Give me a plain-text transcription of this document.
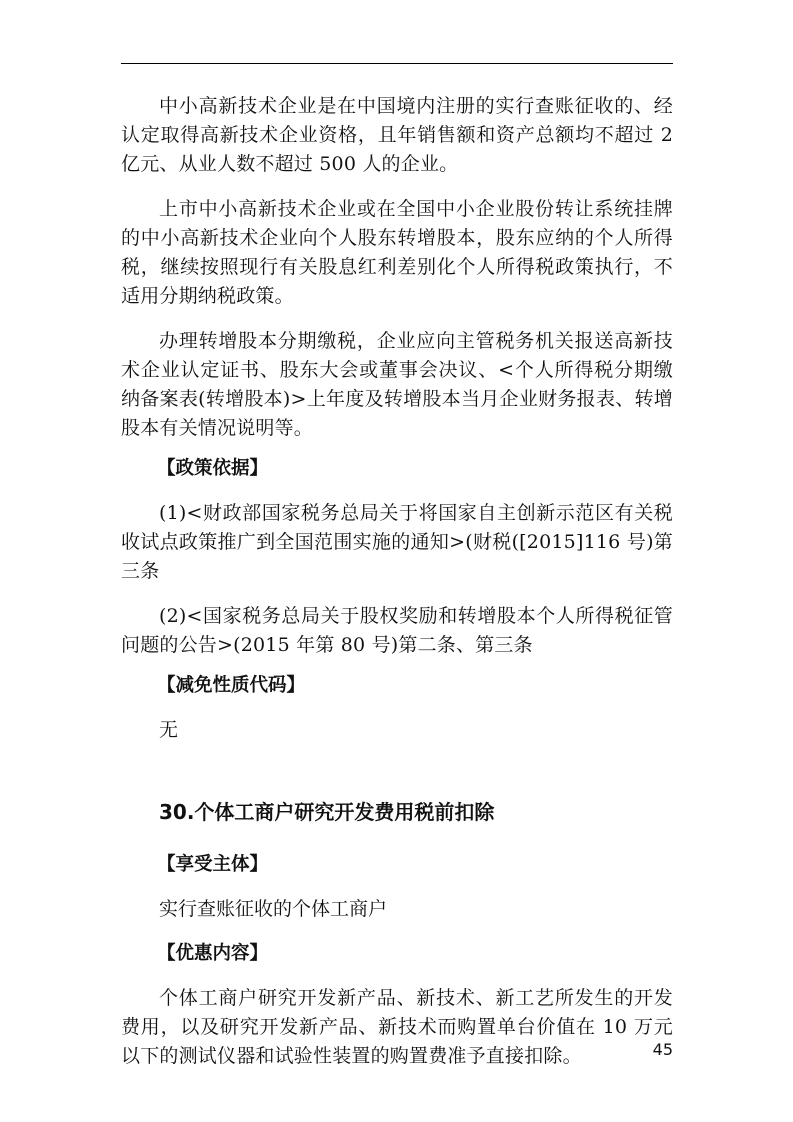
中小高新技术企业是在中国境内注册的实行查账征收的、经认定取得高新技术企业资格，且年销售额和资产总额均不超过 2 亿元、从业人数不超过 500 人的企业。

上市中小高新技术企业或在全国中小企业股份转让系统挂牌的中小高新技术企业向个人股东转增股本，股东应纳的个人所得税，继续按照现行有关股息红利差别化个人所得税政策执行，不适用分期纳税政策。

办理转增股本分期缴税，企业应向主管税务机关报送高新技术企业认定证书、股东大会或董事会决议、<个人所得税分期缴纳备案表(转增股本)>上年度及转增股本当月企业财务报表、转增股本有关情况说明等。

【政策依据】

(1)<财政部国家税务总局关于将国家自主创新示范区有关税收试点政策推广到全国范围实施的通知>(财税([2015]116 号)第三条

(2)<国家税务总局关于股权奖励和转增股本个人所得税征管问题的公告>(2015 年第 80 号)第二条、第三条

【减免性质代码】

无

30.个体工商户研究开发费用税前扣除
【享受主体】

实行查账征收的个体工商户

【优惠内容】

个体工商户研究开发新产品、新技术、新工艺所发生的开发费用，以及研究开发新产品、新技术而购置单台价值在 10 万元以下的测试仪器和试验性装置的购置费准予直接扣除。	45
